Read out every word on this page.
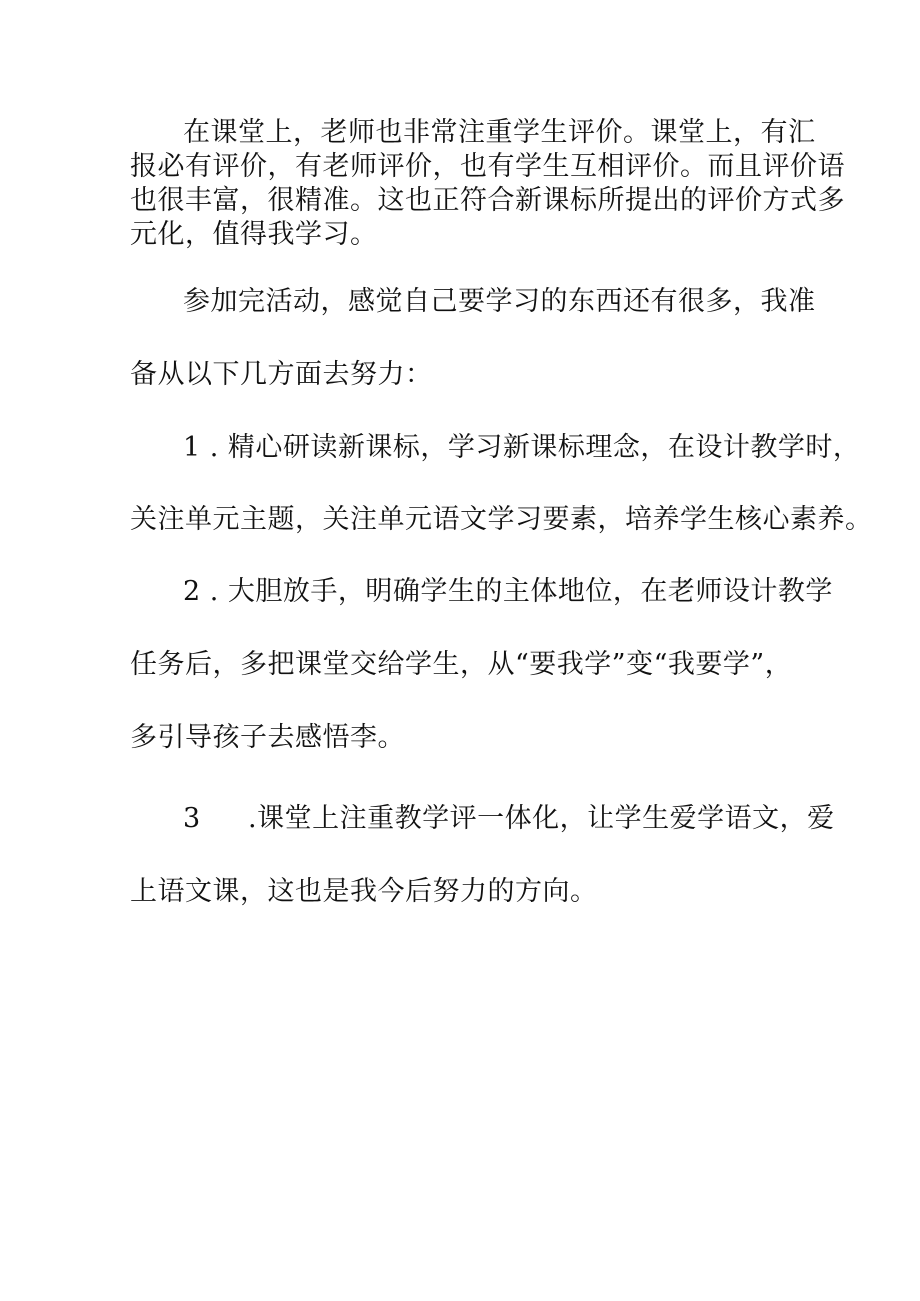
在课堂上，老师也非常注重学生评价。课堂上，有汇
报必有评价，有老师评价，也有学生互相评价。而且评价语
也很丰富，很精准。这也正符合新课标所提出的评价方式多
元化，值得我学习。
参加完活动，感觉自己要学习的东西还有很多，我准
备从以下几方面去努力：
1 . 精心研读新课标，学习新课标理念，在设计教学时，
关注单元主题，关注单元语文学习要素，培养学生核心素养。
2 . 大胆放手，明确学生的主体地位，在老师设计教学
任务后，多把课堂交给学生，从“要我学”变“我要学”，
多引导孩子去感悟李。
3 .课堂上注重教学评一体化，让学生爱学语文，爱
上语文课，这也是我今后努力的方向。
